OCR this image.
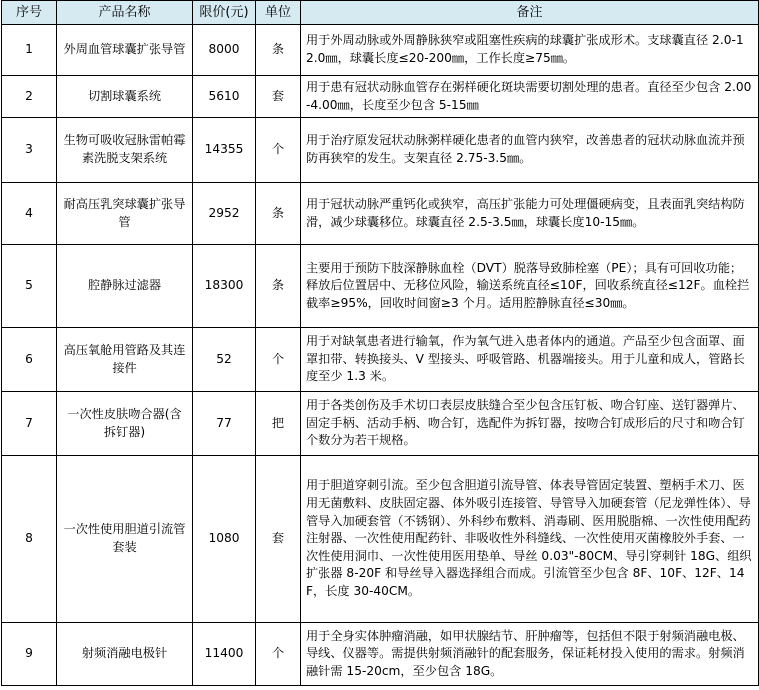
序号	产品名称	限价(元)	单位	备注
1	外周血管球囊扩张导管	8000	条	用于外周动脉或外周静脉狭窄或阻塞性疾病的球囊扩张成形术。支球囊直径 2.0-12.0㎜，球囊长度≤20-200㎜，工作长度≥75㎜。
2	切割球囊系统	5610	套	用于患有冠状动脉血管存在粥样硬化斑块需要切割处理的患者。直径至少包含 2.00-4.00㎜，长度至少包含 5-15㎜
3	生物可吸收冠脉雷帕霉素洗脱支架系统	14355	个	用于治疗原发冠状动脉粥样硬化患者的血管内狭窄，改善患者的冠状动脉血流并预防再狭窄的发生。支架直径 2.75-3.5㎜。
4	耐高压乳突球囊扩张导管	2952	条	用于冠状动脉严重钙化或狭窄，高压扩张能力可处理僵硬病变，且表面乳突结构防滑，减少球囊移位。球囊直径 2.5-3.5㎜，球囊长度10-15㎜。
5	腔静脉过滤器	18300	条	主要用于预防下肢深静脉血栓（DVT）脱落导致肺栓塞（PE）；具有可回收功能；释放后位置居中、无移位风险，输送系统直径≤10F，回收系统直径≤12F。血栓拦截率≥95%，回收时间窗≥3 个月。适用腔静脉直径≤30㎜。
6	高压氧舱用管路及其连接件	52	个	用于对缺氧患者进行输氧，作为氧气进入患者体内的通道。产品至少包含面罩、面罩扣带、转换接头、V 型接头、呼吸管路、机器端接头。用于儿童和成人，管路长度至少 1.3 米。
7	一次性皮肤吻合器(含拆钉器)	77	把	用于各类创伤及手术切口表层皮肤缝合至少包含压钉板、吻合钉座、送钉器弹片、固定手柄、活动手柄、吻合钉，选配件为拆钉器，按吻合钉成形后的尺寸和吻合钉个数分为若干规格。
8	一次性使用胆道引流管套装	1080	套	用于胆道穿刺引流。至少包含胆道引流导管、体表导管固定装置、塑柄手术刀、医用无菌敷料、皮肤固定器、体外吸引连接管、导管导入加硬套管（尼龙弹性体）、导管导入加硬套管（不锈钢）、外科纱布敷料、消毒刷、医用脱脂棉、一次性使用配药注射器、一次性使用配药针、非吸收性外科缝线、一次性使用灭菌橡胶外手套、一次性使用洞巾、一次性使用医用垫单、导丝 0.03"-80CM、导引穿刺针 18G、组织扩张器 8-20F 和导丝导入器选择组合而成。引流管至少包含 8F、10F、12F、14F，长度 30-40CM。
9	射频消融电极针	11400	个	用于全身实体肿瘤消融，如甲状腺结节、肝肿瘤等，包括但不限于射频消融电极、导线、仪器等。需提供射频消融针的配套服务，保证耗材投入使用的需求。射频消融针需 15-20cm，至少包含 18G。
